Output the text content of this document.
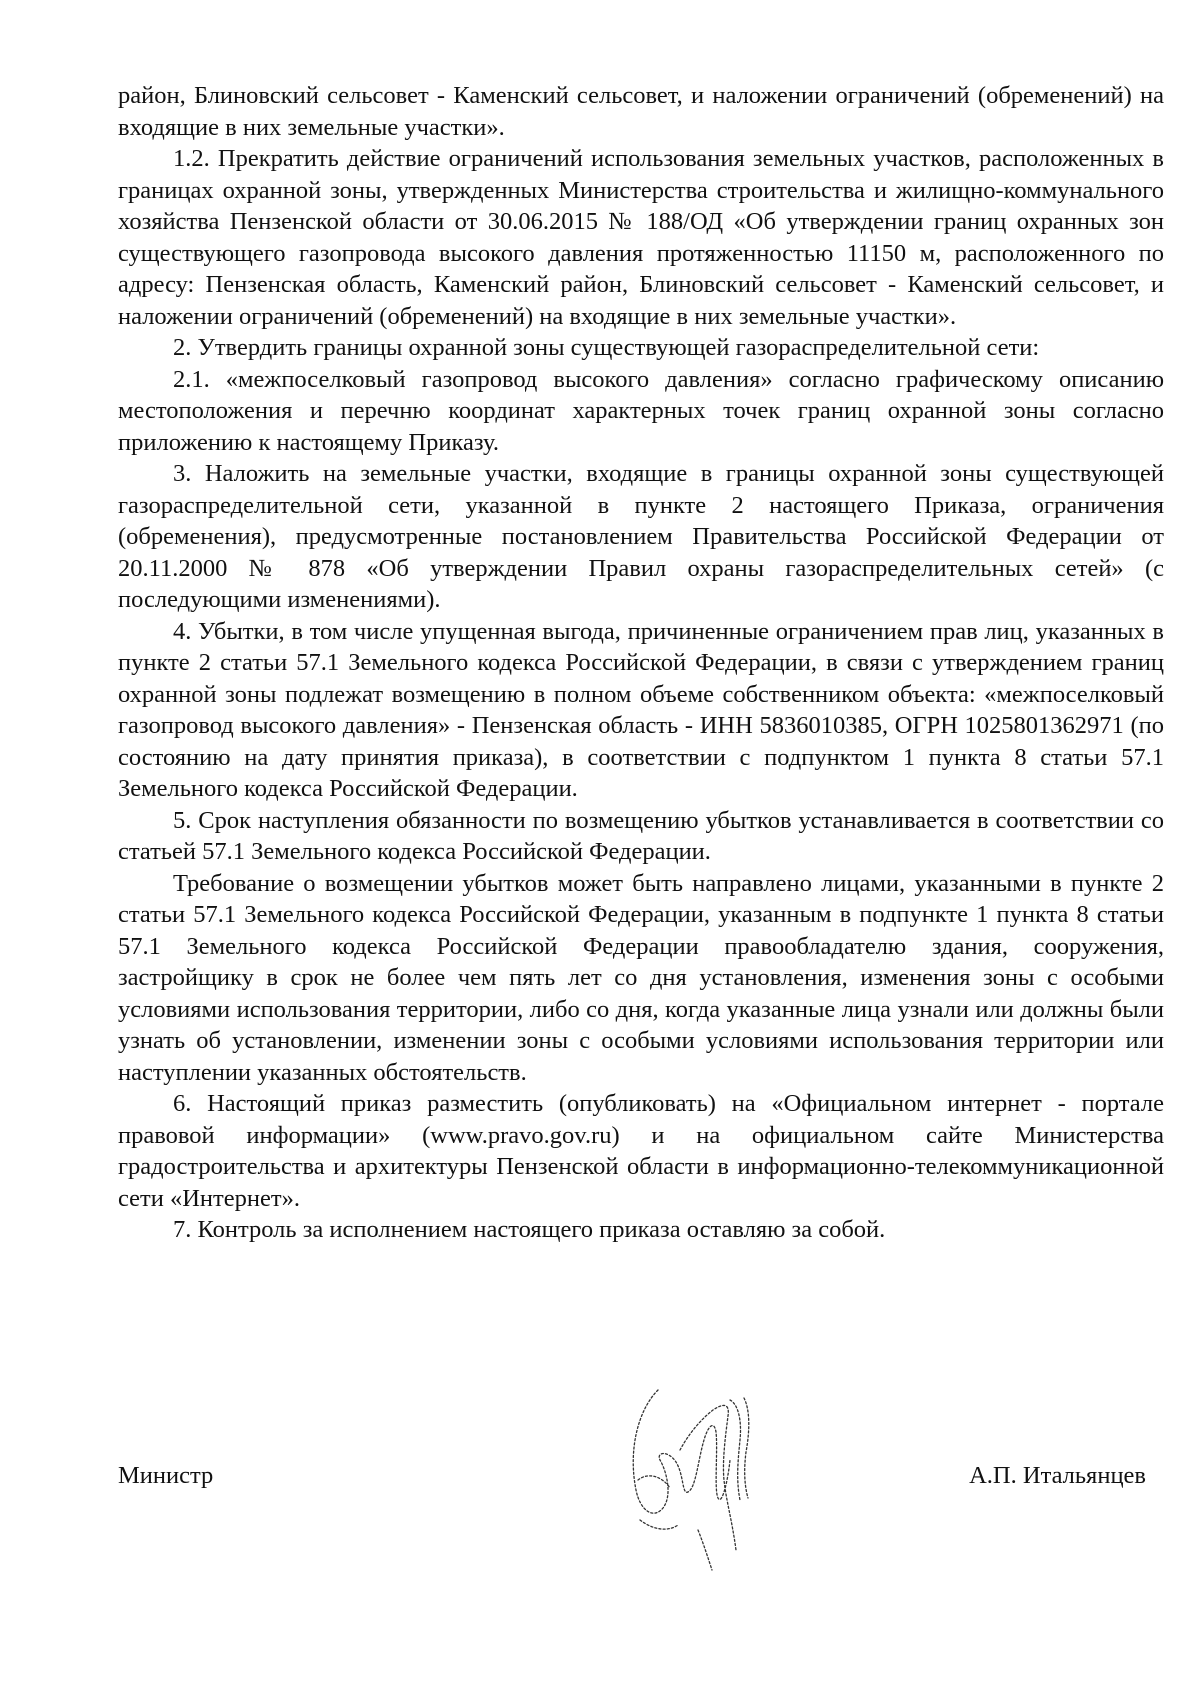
район, Блиновский сельсовет - Каменский сельсовет, и наложении ограничений (обременений) на входящие в них земельные участки».

1.2. Прекратить действие ограничений использования земельных участков, расположенных в границах охранной зоны, утвержденных Министерства строительства и жилищно-коммунального хозяйства Пензенской области от 30.06.2015 № 188/ОД «Об утверждении границ охранных зон существующего газопровода высокого давления протяженностью 11150 м, расположенного по адресу: Пензенская область, Каменский район, Блиновский сельсовет - Каменский сельсовет, и наложении ограничений (обременений) на входящие в них земельные участки».

2. Утвердить границы охранной зоны существующей газораспределительной сети:

2.1. «межпоселковый газопровод высокого давления» согласно графическому описанию местоположения и перечню координат характерных точек границ охранной зоны согласно приложению к настоящему Приказу.

3. Наложить на земельные участки, входящие в границы охранной зоны существующей газораспределительной сети, указанной в пункте 2 настоящего Приказа, ограничения (обременения), предусмотренные постановлением Правительства Российской Федерации от 20.11.2000 № 878 «Об утверждении Правил охраны газораспределительных сетей» (с последующими изменениями).

4. Убытки, в том числе упущенная выгода, причиненные ограничением прав лиц, указанных в пункте 2 статьи 57.1 Земельного кодекса Российской Федерации, в связи с утверждением границ охранной зоны подлежат возмещению в полном объеме собственником объекта: «межпоселковый газопровод высокого давления» - Пензенская область - ИНН 5836010385, ОГРН 1025801362971 (по состоянию на дату принятия приказа), в соответствии с подпунктом 1 пункта 8 статьи 57.1 Земельного кодекса Российской Федерации.

5. Срок наступления обязанности по возмещению убытков устанавливается в соответствии со статьей 57.1 Земельного кодекса Российской Федерации.

Требование о возмещении убытков может быть направлено лицами, указанными в пункте 2 статьи 57.1 Земельного кодекса Российской Федерации, указанным в подпункте 1 пункта 8 статьи 57.1 Земельного кодекса Российской Федерации правообладателю здания, сооружения, застройщику в срок не более чем пять лет со дня установления, изменения зоны с особыми условиями использования территории, либо со дня, когда указанные лица узнали или должны были узнать об установлении, изменении зоны с особыми условиями использования территории или наступлении указанных обстоятельств.

6. Настоящий приказ разместить (опубликовать) на «Официальном интернет - портале правовой информации» (www.pravo.gov.ru) и на официальном сайте Министерства градостроительства и архитектуры Пензенской области в информационно-телекоммуникационной сети «Интернет».

7. Контроль за исполнением настоящего приказа оставляю за собой.

Министр	А.П. Итальянцев
